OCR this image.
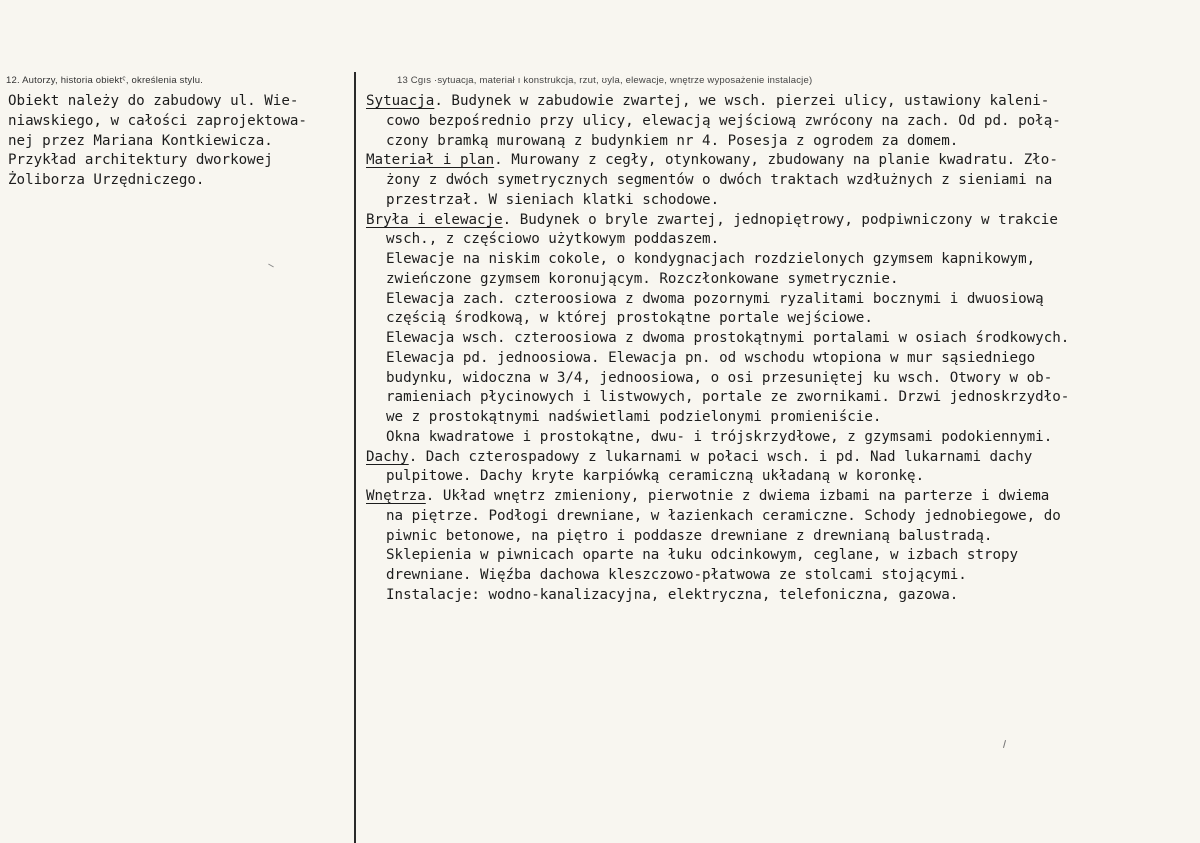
12. Autorzy, historia obiektˁ, określenia stylu.	13 Cɡıs ·sytuacȷa, materiał ı konstrukcja, rzut, ʊyla, elewacje, wnętrze wyposażenie instalacje)
Obiekt należy do zabudowy ul. Wie-
niawskiego, w całości zaprojektowa-
nej przez Mariana Kontkiewicza.
Przykład architektury dworkowej
Żoliborza Urzędniczego.
Sytuacja. Budynek w zabudowie zwartej, we wsch. pierzei ulicy, ustawiony kaleni-
cowo bezpośrednio przy ulicy, elewacją wejściową zwrócony na zach. Od pd. połą-
czony bramką murowaną z budynkiem nr 4. Posesja z ogrodem za domem.
Materiał i plan. Murowany z cegły, otynkowany, zbudowany na planie kwadratu. Zło-
żony z dwóch symetrycznych segmentów o dwóch traktach wzdłużnych z sieniami na
przestrzał. W sieniach klatki schodowe.
Bryła i elewacje. Budynek o bryle zwartej, jednopiętrowy, podpiwniczony w trakcie
wsch., z częściowo użytkowym poddaszem.
Elewacje na niskim cokole, o kondygnacjach rozdzielonych gzymsem kapnikowym,
zwieńczone gzymsem koronującym. Rozczłonkowane symetrycznie.
Elewacja zach. czteroosiowa z dwoma pozornymi ryzalitami bocznymi i dwuosiową
częścią środkową, w której prostokątne portale wejściowe.
Elewacja wsch. czteroosiowa z dwoma prostokątnymi portalami w osiach środkowych.
Elewacja pd. jednoosiowa. Elewacja pn. od wschodu wtopiona w mur sąsiedniego
budynku, widoczna w 3/4, jednoosiowa, o osi przesuniętej ku wsch. Otwory w ob-
ramieniach płycinowych i listwowych, portale ze zwornikami. Drzwi jednoskrzydło-
we z prostokątnymi nadświetlami podzielonymi promieniście.
Okna kwadratowe i prostokątne, dwu- i trójskrzydłowe, z gzymsami podokiennymi.
Dachy. Dach czterospadowy z lukarnami w połaci wsch. i pd. Nad lukarnami dachy
pulpitowe. Dachy kryte karpiówką ceramiczną układaną w koronkę.
Wnętrza. Układ wnętrz zmieniony, pierwotnie z dwiema izbami na parterze i dwiema
na piętrze. Podłogi drewniane, w łazienkach ceramiczne. Schody jednobiegowe, do
piwnic betonowe, na piętro i poddasze drewniane z drewnianą balustradą.
Sklepienia w piwnicach oparte na łuku odcinkowym, ceglane, w izbach stropy
drewniane. Więźba dachowa kleszczowo-płatwowa ze stolcami stojącymi.
Instalacje: wodno-kanalizacyjna, elektryczna, telefoniczna, gazowa.
